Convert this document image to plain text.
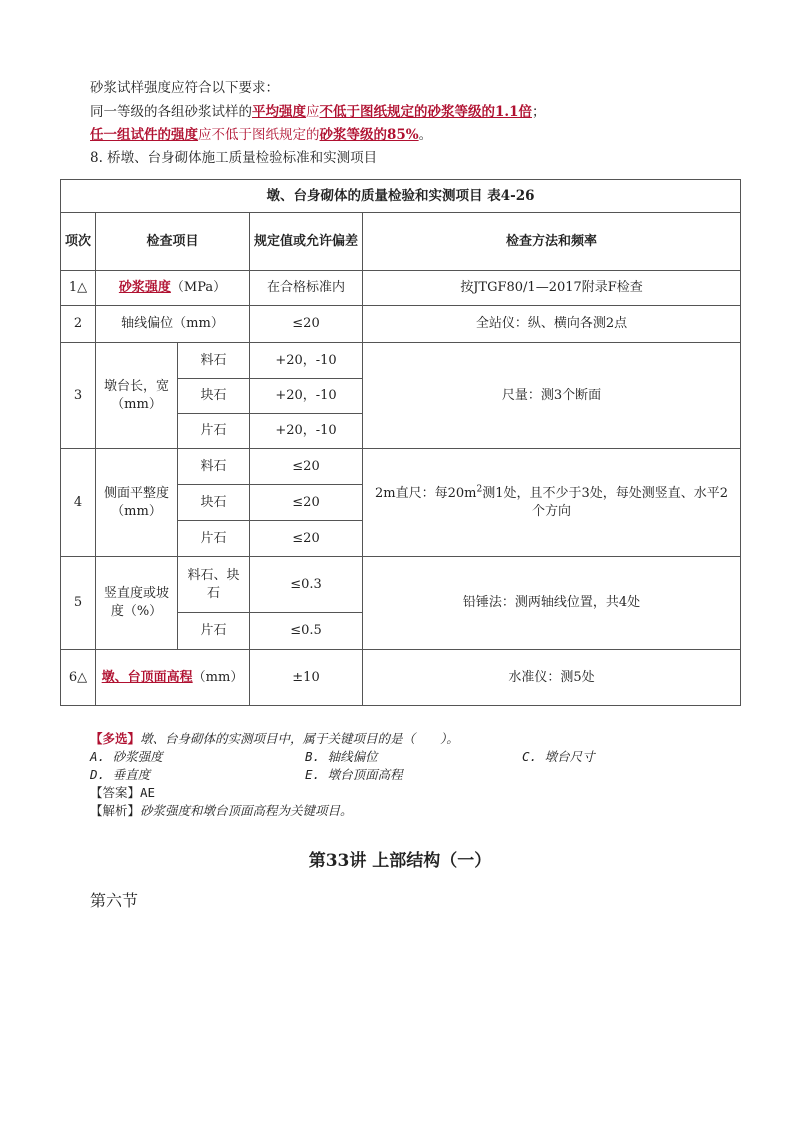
砂浆试样强度应符合以下要求：
同一等级的各组砂浆试样的平均强度应不低于图纸规定的砂浆等级的1.1倍；
任一组试件的强度应不低于图纸规定的砂浆等级的85%。
8. 桥墩、台身砌体施工质量检验标准和实测项目
墩、台身砌体的质量检验和实测项目 表4-26				
项次	检查项目		规定值或允许偏差	检查方法和频率
1△	砂浆强度（MPa）		在合格标准内	按JTGF80/1—2017附录F检查
2	轴线偏位（mm）		≤20	全站仪：纵、横向各测2点
3	墩台长，宽（mm）	料石	+20，-10	尺量：测3个断面
		块石	+20，-10	
		片石	+20，-10	
4	侧面平整度（mm）	料石	≤20	2m直尺：每$20m^2$测1处，且不少于3处，每处测竖直、水平2个方向
		块石	≤20	
		片石	≤20	
5	竖直度或坡度（%）	料石、块石	≤0.3	铅锤法：测两轴线位置，共4处
		片石	≤0.5	
6△	墩、台顶面高程（mm）		±10	水准仪：测5处
【多选】墩、台身砌体的实测项目中，属于关键项目的是（　　）。
A. 砂浆强度	B. 轴线偏位	C. 墩台尺寸
D. 垂直度	E. 墩台顶面高程
【答案】AE
【解析】砂浆强度和墩台顶面高程为关键项目。
第33讲 上部结构（一）
第六节
